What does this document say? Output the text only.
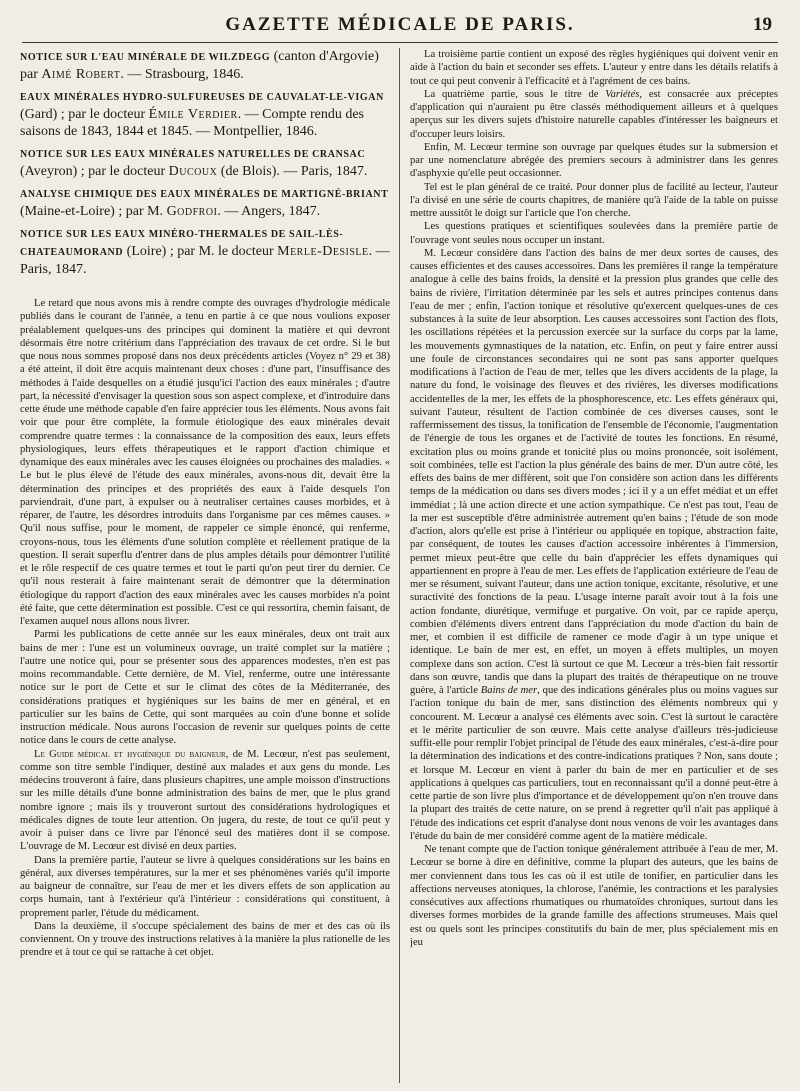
GAZETTE MÉDICALE DE PARIS.	19
NOTICE SUR L'EAU MINÉRALE DE WILZDEGG (canton d'Argovie) par Aimé Robert. — Strasbourg, 1846.
EAUX MINÉRALES HYDRO-SULFUREUSES DE CAUVALAT-LE-VIGAN (Gard) ; par le docteur Émile Verdier. — Compte rendu des saisons de 1843, 1844 et 1845. — Montpellier, 1846.
NOTICE SUR LES EAUX MINÉRALES NATURELLES DE CRANSAC (Aveyron) ; par le docteur Ducoux (de Blois). — Paris, 1847.
ANALYSE CHIMIQUE DES EAUX MINÉRALES DE MARTIGNÉ-BRIANT (Maine-et-Loire) ; par M. Godfroi. — Angers, 1847.
NOTICE SUR LES EAUX MINÉRO-THERMALES DE SAIL-LÈS-CHATEAUMORAND (Loire) ; par M. le docteur Merle-Desisle. — Paris, 1847.

Le retard que nous avons mis à rendre compte des ouvrages d'hydrologie médicale publiés dans le courant de l'année, a tenu en partie à ce que nous voulions exposer préalablement quelques-uns des principes qui dominent la matière et qui devront désormais être notre critérium dans l'appréciation des travaux de cet ordre. Si le but que nous nous sommes proposé dans nos deux précédents articles (Voyez n° 29 et 38) a été atteint, il doit être acquis maintenant deux choses : d'une part, l'insuffisance des méthodes à l'aide desquelles on a étudié jusqu'ici l'action des eaux minérales ; d'autre part, la nécessité d'envisager la question sous son aspect complexe, et d'introduire dans cette étude une méthode capable d'en faire apprécier tous les éléments. Nous avons fait voir que pour être complète, la formule étiologique des eaux minérales devait comprendre quatre termes : la connaissance de la composition des eaux, leurs effets physiologiques, leurs effets thérapeutiques et le rapport d'action chimique et dynamique des eaux minérales avec les causes éloignées ou prochaines des maladies. « Le but le plus élevé de l'étude des eaux minérales, avons-nous dit, devait être la détermination des principes et des propriétés des eaux à l'aide desquels l'on parviendrait, d'une part, à expulser ou à neutraliser certaines causes morbides, et à réparer, de l'autre, les désordres introduits dans l'organisme par ces mêmes causes. » Qu'il nous suffise, pour le moment, de rappeler ce simple énoncé, qui renferme, croyons-nous, tous les éléments d'une solution complète et réellement pratique de la question. Il serait superflu d'entrer dans de plus amples détails pour démontrer l'utilité et le rôle respectif de ces quatre termes et tout le parti qu'on peut tirer du dernier. Ce qu'il nous resterait à faire maintenant serait de démontrer que la détermination étiologique du rapport d'action des eaux minérales avec les causes morbides n'a point été faite, que cette détermination est possible. C'est ce qui ressortira, chemin faisant, de l'examen auquel nous allons nous livrer.

Parmi les publications de cette année sur les eaux minérales, deux ont trait aux bains de mer : l'une est un volumineux ouvrage, un traité complet sur la matière ; l'autre une notice qui, pour se présenter sous des apparences modestes, n'en est pas moins recommandable. Cette dernière, de M. Viel, renferme, outre une intéressante notice sur le port de Cette et sur le climat des côtes de la Méditerranée, des considérations pratiques et hygiéniques sur les bains de mer en général, et en particulier sur les bains de Cette, qui sont marquées au coin d'une bonne et solide instruction médicale. Nous aurons l'occasion de revenir sur quelques points de cette notice dans le cours de cette analyse.

Le Guide médical et hygiénique du baigneur, de M. Lecœur, n'est pas seulement, comme son titre semble l'indiquer, destiné aux malades et aux gens du monde. Les médecins trouveront à faire, dans plusieurs chapitres, une ample moisson d'instructions sur les mille détails d'une bonne administration des bains de mer, que le plus grand nombre ignore ; mais ils y trouveront surtout des considérations hydrologiques et médicales dignes de toute leur attention. On jugera, du reste, de tout ce qu'il peut y avoir à puiser dans ce livre par l'énoncé seul des matières dont il se compose. L'ouvrage de M. Lecœur est divisé en deux parties.

Dans la première partie, l'auteur se livre à quelques considérations sur les bains en général, aux diverses températures, sur la mer et ses phénomènes variés qu'il importe au baigneur de connaître, sur l'eau de mer et les divers effets de son application au corps humain, tant à l'extérieur qu'à l'intérieur : considérations qui constituent, à proprement parler, l'étude du médicament.

Dans la deuxième, il s'occupe spécialement des bains de mer et des cas où ils conviennent. On y trouve des instructions relatives à la manière la plus rationelle de les prendre et à tout ce qui se rattache à cet objet.

La troisième partie contient un exposé des règles hygiéniques qui doivent venir en aide à l'action du bain et seconder ses effets. L'auteur y entre dans les détails relatifs à tout ce qui peut convenir à l'efficacité et à l'agrément de ces bains.

La quatrième partie, sous le titre de Variétés, est consacrée aux préceptes d'application qui n'auraient pu être classés méthodiquement ailleurs et à quelques aperçus sur les divers sujets d'histoire naturelle capables d'intéresser les baigneurs et d'occuper leurs loisirs.

Enfin, M. Lecœur termine son ouvrage par quelques études sur la submersion et par une nomenclature abrégée des premiers secours à administrer dans les genres d'asphyxie qu'elle peut occasionner.

Tel est le plan général de ce traité. Pour donner plus de facilité au lecteur, l'auteur l'a divisé en une série de courts chapitres, de manière qu'à l'aide de la table on puisse mettre aussitôt le doigt sur l'article que l'on cherche.

Les questions pratiques et scientifiques soulevées dans la première partie de l'ouvrage vont seules nous occuper un instant.

M. Lecœur considère dans l'action des bains de mer deux sortes de causes, des causes efficientes et des causes accessoires. Dans les premières il range la température analogue à celle des bains froids, la densité et la pression plus grandes que celle des bains de rivière, l'irritation déterminée par les sels et autres principes contenus dans l'eau de mer ; enfin, l'action tonique et résolutive qu'exercent quelques-unes de ces substances à la suite de leur absorption. Les causes accessoires sont l'action des flots, les oscillations répétées et la percussion exercée sur la surface du corps par la lame, les mouvements gymnastiques de la natation, etc. Enfin, on peut y faire entrer aussi une foule de circonstances secondaires qui ne sont pas sans apporter quelques modifications à l'action de l'eau de mer, telles que les divers accidents de la plage, la nature du fond, le voisinage des fleuves et des rivières, les diverses modifications accidentelles de la mer, les effets de la phosphorescence, etc. Les effets généraux qui, suivant l'auteur, résultent de l'action combinée de ces diverses causes, sont le raffermissement des tissus, la tonification de l'ensemble de l'économie, l'augmentation de l'énergie de tous les organes et de l'activité de toutes les fonctions. En résumé, excitation plus ou moins grande et tonicité plus ou moins prononcée, soit isolément, soit combinées, telle est l'action la plus générale des bains de mer. D'un autre côté, les effets des bains de mer diffèrent, soit que l'on considère son action dans les différents temps de la médication ou dans ses divers modes ; ici il y a un effet médiat et un effet immédiat ; là une action directe et une action sympathique. Ce n'est pas tout, l'eau de la mer est susceptible d'être administrée autrement qu'en bains ; l'étude de son mode d'action, alors qu'elle est prise à l'intérieur ou appliquée en topique, abstraction faite, par conséquent, de toutes les causes d'action accessoire inhérentes à l'immersion, permet mieux peut-être que celle du bain d'apprécier les effets dynamiques qui appartiennent en propre à l'eau de mer. Les effets de l'application extérieure de l'eau de mer se résument, suivant l'auteur, dans une action tonique, excitante, résolutive, et une suractivité des fonctions de la peau. L'usage interne paraît avoir tout à la fois une action fondante, diurétique, vermifuge et purgative. On voit, par ce rapide aperçu, combien d'éléments divers entrent dans l'appréciation du mode d'action du bain de mer, et combien il est difficile de ramener ce mode d'agir à un type unique et identique. Le bain de mer est, en effet, un moyen à effets multiples, un moyen complexe dans son action. C'est là surtout ce que M. Lecœur a très-bien fait ressortir dans son œuvre, tandis que dans la plupart des traités de thérapeutique on ne trouve guère, à l'article Bains de mer, que des indications générales plus ou moins vagues sur l'action tonique du bain de mer, sans distinction des éléments nombreux qui y concourent. M. Lecœur a analysé ces éléments avec soin. C'est là surtout le caractère et le mérite particulier de son œuvre. Mais cette analyse d'ailleurs très-judicieuse suffit-elle pour remplir l'objet principal de l'étude des eaux minérales, c'est-à-dire pour la détermination des indications et des contre-indications pratiques ? Non, sans doute ; et lorsque M. Lecœur en vient à parler du bain de mer en particulier et de ses applications à quelques cas particuliers, tout en reconnaissant qu'il a donné peut-être à cette partie de son livre plus d'importance et de développement qu'on n'en trouve dans la plupart des traités de cette nature, on se prend à regretter qu'il n'ait pas appliqué à l'étude des indications cet esprit d'analyse dont nous venons de voir les avantages dans l'étude du bain de mer considéré comme agent de la matière médicale.

Ne tenant compte que de l'action tonique généralement attribuée à l'eau de mer, M. Lecœur se borne à dire en définitive, comme la plupart des auteurs, que les bains de mer conviennent dans tous les cas où il est utile de tonifier, en particulier dans les affections nerveuses atoniques, la chlorose, l'anémie, les contractions et les paralysies consécutives aux affections rhumatiques ou rhumatoïdes chroniques, surtout dans les diverses formes morbides de la grande famille des affections strumeuses. Mais quel est ou quels sont les principes constitutifs du bain de mer, plus spécialement mis en jeu
